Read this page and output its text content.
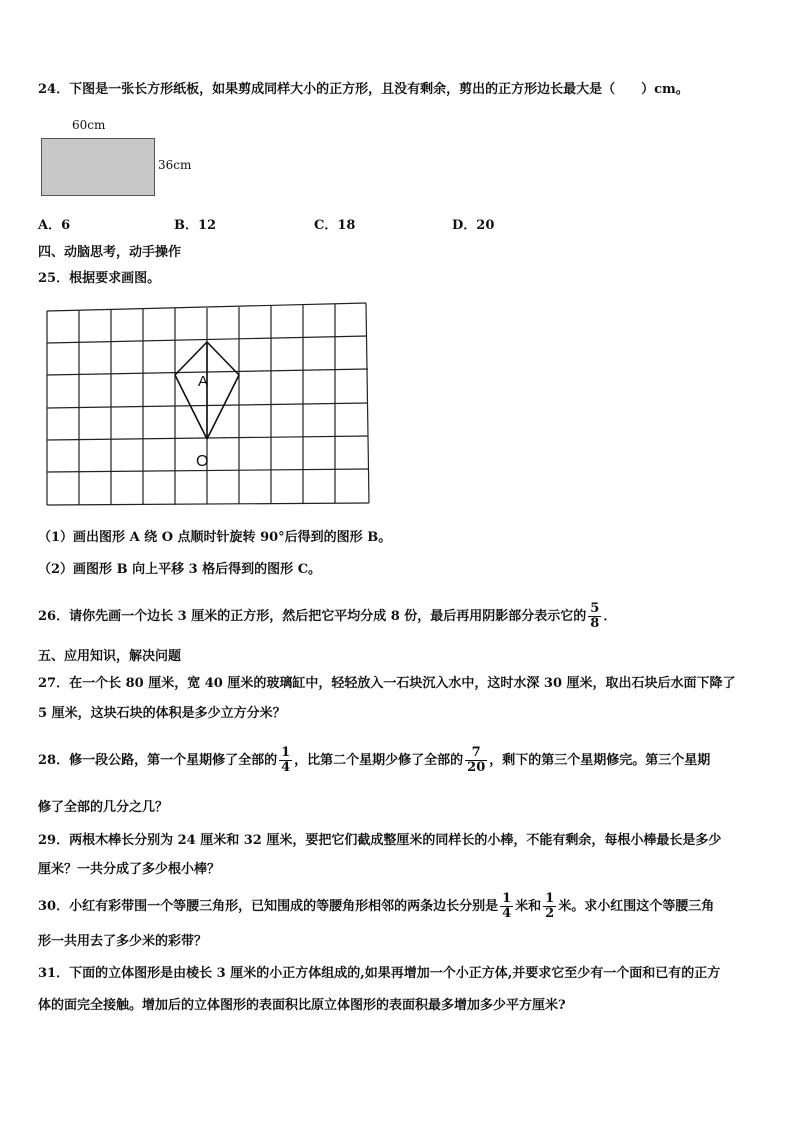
24．下图是一张长方形纸板，如果剪成同样大小的正方形，且没有剩余，剪出的正方形边长最大是（　　）cm。
60cm
36cm
A．6	B．12	C．18	D．20
四、动脑思考，动手操作
25．根据要求画图。
A
O
（1）画出图形 A 绕 O 点顺时针旋转 90°后得到的图形 B。
（2）画图形 B 向上平移 3 格后得到的图形 C。
26．请你先画一个边长 3 厘米的正方形，然后把它平均分成 8 份，最后再用阴影部分表示它的 $\frac{5}{8}$ ．
五、应用知识，解决问题
27．在一个长 80 厘米，宽 40 厘米的玻璃缸中，轻轻放入一石块沉入水中，这时水深 30 厘米，取出石块后水面下降了
5 厘米，这块石块的体积是多少立方分米？
28．修一段公路，第一个星期修了全部的 $\frac{1}{4}$ ，比第二个星期少修了全部的 $\frac{7}{20}$ ，剩下的第三个星期修完。第三个星期
修了全部的几分之几？
29．两根木棒长分别为 24 厘米和 32 厘米，要把它们截成整厘米的同样长的小棒，不能有剩余，每根小棒最长是多少
厘米？一共分成了多少根小棒？
30．小红有彩带围一个等腰三角形，已知围成的等腰角形相邻的两条边长分别是 $\frac{1}{4}$ 米和 $\frac{1}{2}$ 米。求小红围这个等腰三角
形一共用去了多少米的彩带？
31．下面的立体图形是由棱长 3 厘米的小正方体组成的,如果再增加一个小正方体,并要求它至少有一个面和已有的正方
体的面完全接触。增加后的立体图形的表面积比原立体图形的表面积最多增加多少平方厘米?
